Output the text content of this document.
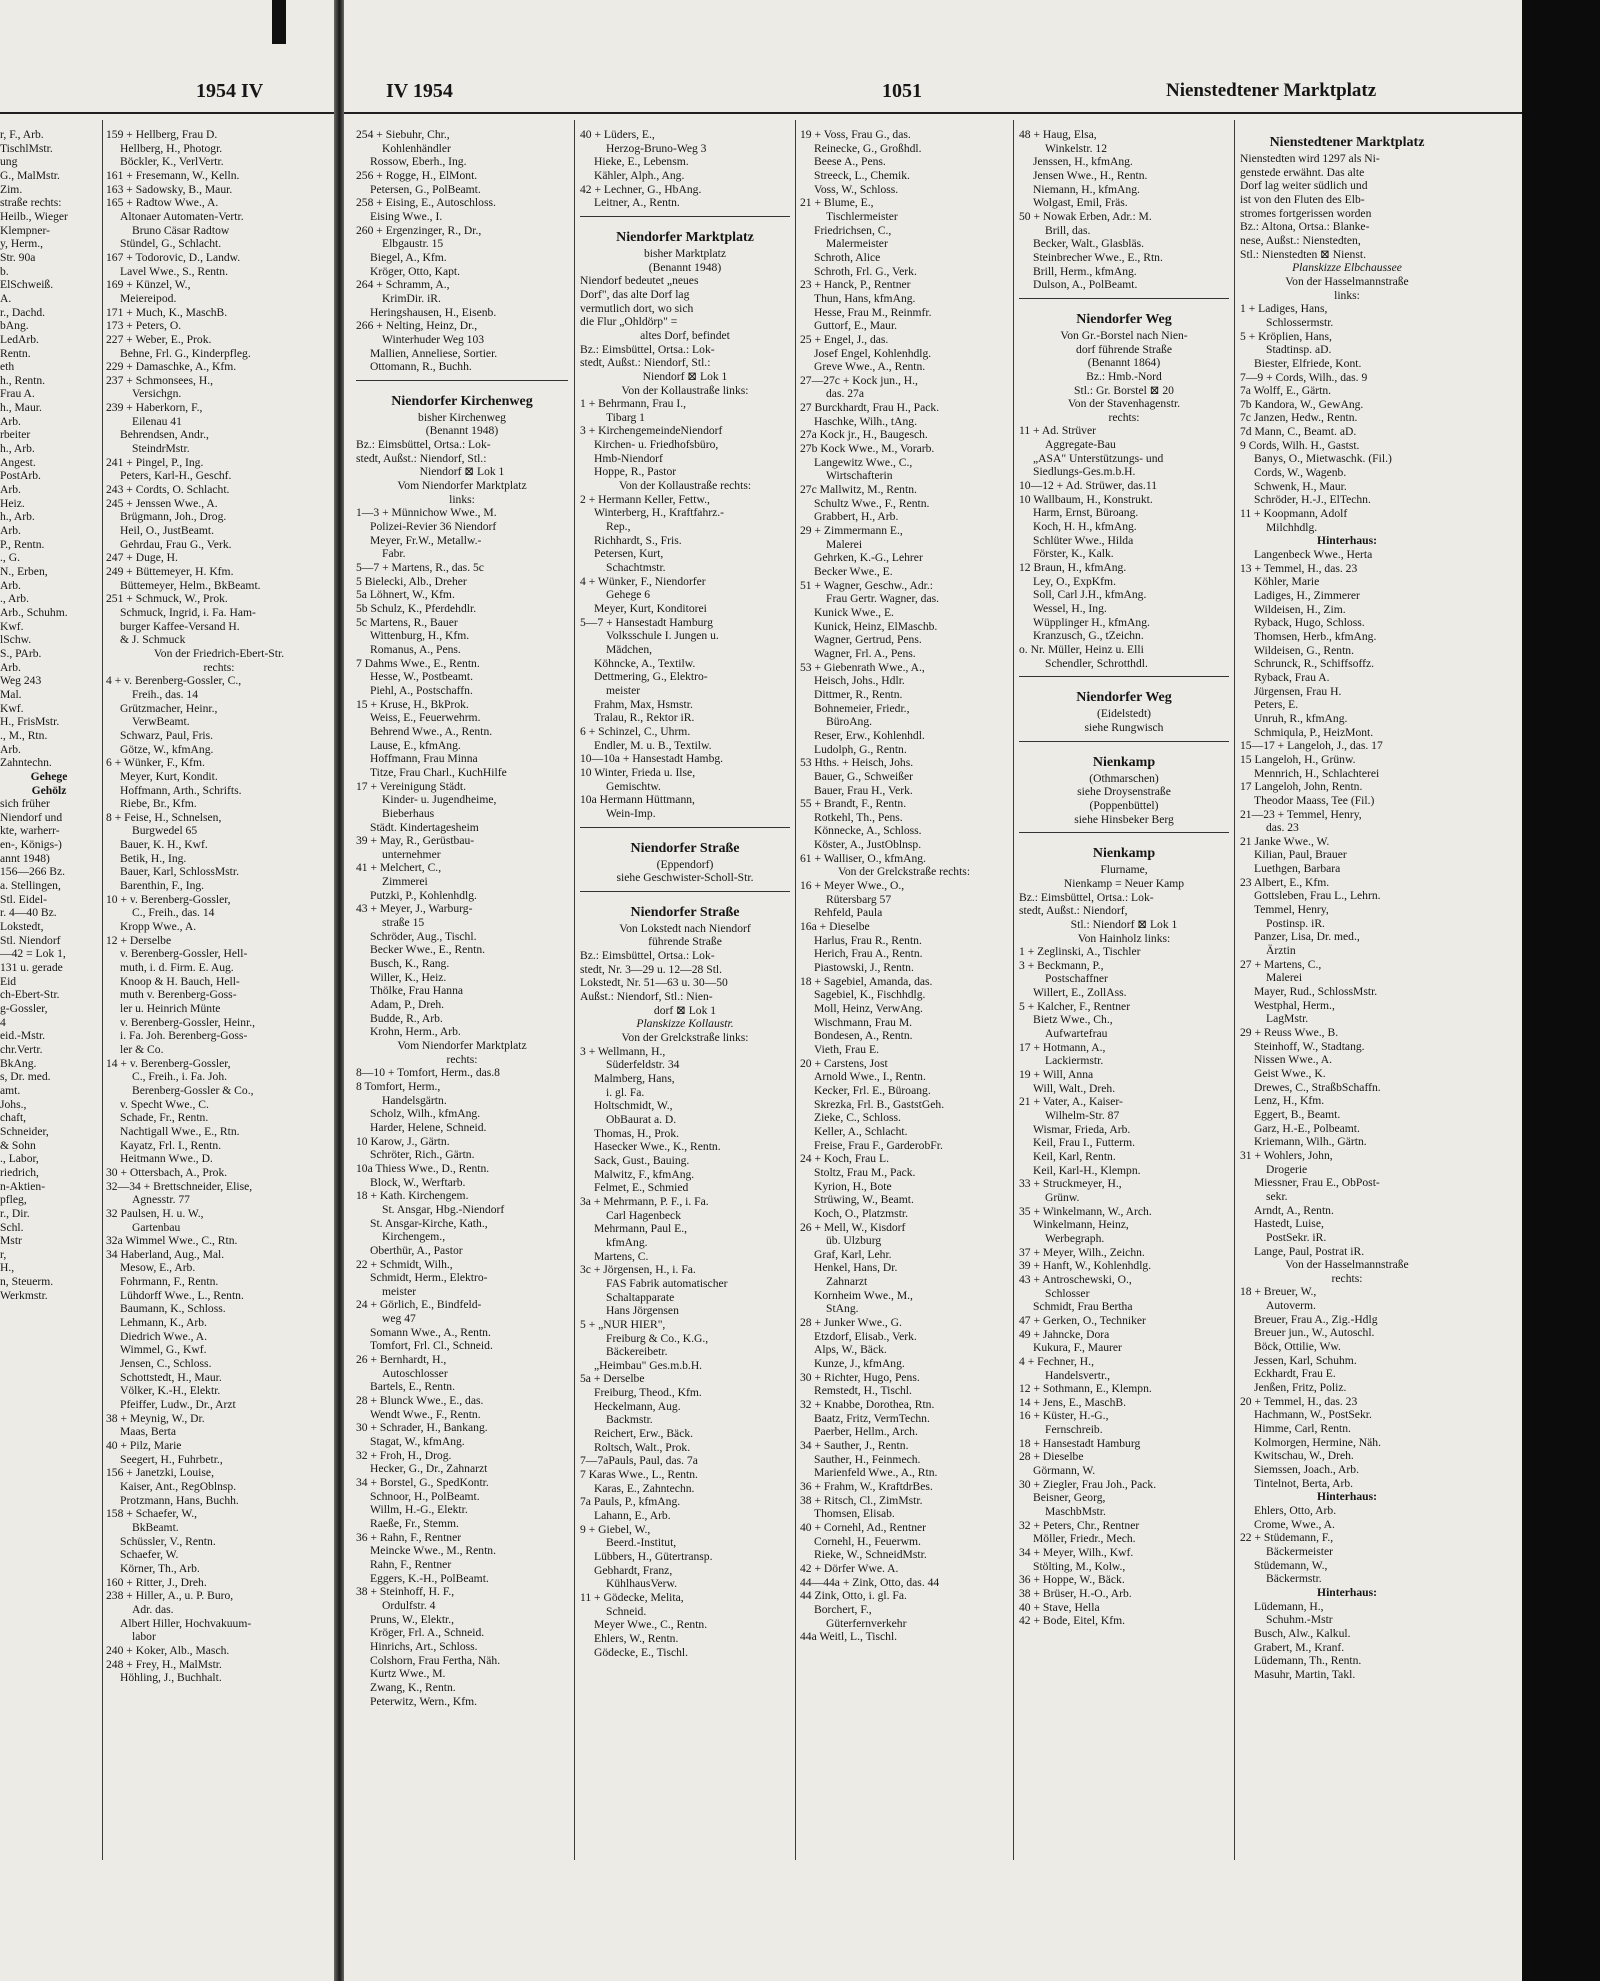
1954 IV
r, F., Arb.
TischlMstr.
ung
G., MalMstr.
Zim.
straße rechts:
Heilb., Wieger
Klempner-
y, Herm.,
Str. 90a
b.
ElSchweiß.
A.
r., Dachd.
bAng.
LedArb.
Rentn.
eth
h., Rentn.
Frau A.
h., Maur.
Arb.
rbeiter
h., Arb.
Angest.
PostArb.
Arb.
Heiz.
h., Arb.
Arb.
P., Rentn.
., G.
N., Erben,
Arb.
., Arb.
Arb., Schuhm.
Kwf.
lSchw.
S., PArb.
Arb.
Weg 243
Mal.
Kwf.
H., FrisMstr.
., M., Rtn.
Arb.
Zahntechn.
Gehege
Gehölz
sich früher
Niendorf und
kte, warherr-
en-, Königs-)
annt 1948)
156—266 Bz.
a. Stellingen,
Stl. Eidel-
r. 4—40 Bz.
Lokstedt,
Stl. Niendorf
—42 = Lok 1,
131 u. gerade
Eid
ch-Ebert-Str.
g-Gossler,
4
eid.-Mstr.
chr.Vertr.
BkAng.
s, Dr. med.
amt.
Johs.,
chaft,
Schneider,
& Sohn
., Labor,
riedrich,
n-Aktien-
pfleg,
r., Dir.
Schl.
Mstr
r,
H.,
n, Steuerm.
Werkmstr.
159 + Hellberg, Frau D.
Hellberg, H., Photogr.
Böckler, K., VerlVertr.
161 + Fresemann, W., Kelln.
163 + Sadowsky, B., Maur.
165 + Radtow Wwe., A.
Altonaer Automaten-Vertr.
Bruno Cäsar Radtow
Stündel, G., Schlacht.
167 + Todorovic, D., Landw.
Lavel Wwe., S., Rentn.
169 + Künzel, W.,
Meiereipod.
171 + Much, K., MaschB.
173 + Peters, O.
227 + Weber, E., Prok.
Behne, Frl. G., Kinderpfleg.
229 + Damaschke, A., Kfm.
237 + Schmonsees, H.,
Versichgn.
239 + Haberkorn, F.,
Eilenau 41
Behrendsen, Andr.,
SteindrMstr.
241 + Pingel, P., Ing.
Peters, Karl-H., Geschf.
243 + Cordts, O. Schlacht.
245 + Jenssen Wwe., A.
Brügmann, Joh., Drog.
Heil, O., JustBeamt.
Gehrdau, Frau G., Verk.
247 + Duge, H.
249 + Büttemeyer, H. Kfm.
Büttemeyer, Helm., BkBeamt.
251 + Schmuck, W., Prok.
Schmuck, Ingrid, i. Fa. Ham-
burger Kaffee-Versand H.
& J. Schmuck
Von der Friedrich-Ebert-Str.
rechts:
4 + v. Berenberg-Gossler, C.,
Freih., das. 14
Grützmacher, Heinr.,
VerwBeamt.
Schwarz, Paul, Fris.
Götze, W., kfmAng.
6 + Wünker, F., Kfm.
Meyer, Kurt, Kondit.
Hoffmann, Arth., Schrifts.
Riebe, Br., Kfm.
8 + Feise, H., Schnelsen,
Burgwedel 65
Bauer, K. H., Kwf.
Betik, H., Ing.
Bauer, Karl, SchlossMstr.
Barenthin, F., Ing.
10 + v. Berenberg-Gossler,
C., Freih., das. 14
Kropp Wwe., A.
12 + Derselbe
v. Berenberg-Gossler, Hell-
muth, i. d. Firm. E. Aug.
Knoop & H. Bauch, Hell-
muth v. Berenberg-Goss-
ler u. Heinrich Münte
v. Berenberg-Gossler, Heinr.,
i. Fa. Joh. Berenberg-Goss-
ler & Co.
14 + v. Berenberg-Gossler,
C., Freih., i. Fa. Joh.
Berenberg-Gossler & Co.,
v. Specht Wwe., C.
Schade, Fr., Rentn.
Nachtigall Wwe., E., Rtn.
Kayatz, Frl. I., Rentn.
Heitmann Wwe., D.
30 + Ottersbach, A., Prok.
32—34 + Brettschneider, Elise,
Agnesstr. 77
32 Paulsen, H. u. W.,
Gartenbau
32a Wimmel Wwe., C., Rtn.
34 Haberland, Aug., Mal.
Mesow, E., Arb.
Fohrmann, F., Rentn.
Lühdorff Wwe., L., Rentn.
Baumann, K., Schloss.
Lehmann, K., Arb.
Diedrich Wwe., A.
Wimmel, G., Kwf.
Jensen, C., Schloss.
Schottstedt, H., Maur.
Völker, K.-H., Elektr.
Pfeiffer, Ludw., Dr., Arzt
38 + Meynig, W., Dr.
Maas, Berta
40 + Pilz, Marie
Seegert, H., Fuhrbetr.,
156 + Janetzki, Louise,
Kaiser, Ant., RegOblnsp.
Protzmann, Hans, Buchh.
158 + Schaefer, W.,
BkBeamt.
Schüssler, V., Rentn.
Schaefer, W.
Körner, Th., Arb.
160 + Ritter, J., Dreh.
238 + Hiller, A., u. P. Buro,
Adr. das.
Albert Hiller, Hochvakuum-
labor
240 + Koker, Alb., Masch.
248 + Frey, H., MalMstr.
Höhling, J., Buchhalt.
IV 1954	1051	Nienstedtener Marktplatz
254 + Siebuhr, Chr.,
Kohlenhändler
Rossow, Eberh., Ing.
256 + Rogge, H., ElMont.
Petersen, G., PolBeamt.
258 + Eising, E., Autoschloss.
Eising Wwe., I.
260 + Ergenzinger, R., Dr.,
Elbgaustr. 15
Biegel, A., Kfm.
Kröger, Otto, Kapt.
264 + Schramm, A.,
KrimDir. iR.
Heringshausen, H., Eisenb.
266 + Nelting, Heinz, Dr.,
Winterhuder Weg 103
Mallien, Anneliese, Sortier.
Ottomann, R., Buchh.
Niendorfer Kirchenweg
bisher Kirchenweg
(Benannt 1948)
Bz.: Eimsbüttel, Ortsa.: Lok-
stedt, Außst.: Niendorf, Stl.:
Niendorf ⊠ Lok 1
Vom Niendorfer Marktplatz
links:
1—3 + Münnichow Wwe., M.
Polizei-Revier 36 Niendorf
Meyer, Fr.W., Metallw.-
Fabr.
5—7 + Martens, R., das. 5c
5 Bielecki, Alb., Dreher
5a Löhnert, W., Kfm.
5b Schulz, K., Pferdehdlr.
5c Martens, R., Bauer
Wittenburg, H., Kfm.
Romanus, A., Pens.
7 Dahms Wwe., E., Rentn.
Hesse, W., Postbeamt.
Piehl, A., Postschaffn.
15 + Kruse, H., BkProk.
Weiss, E., Feuerwehrm.
Behrend Wwe., A., Rentn.
Lause, E., kfmAng.
Hoffmann, Frau Minna
Titze, Frau Charl., KuchHilfe
17 + Vereinigung Städt.
Kinder- u. Jugendheime,
Bieberhaus
Städt. Kindertagesheim
39 + May, R., Gerüstbau-
unternehmer
41 + Melchert, C.,
Zimmerei
Putzki, P., Kohlenhdlg.
43 + Meyer, J., Warburg-
straße 15
Schröder, Aug., Tischl.
Becker Wwe., E., Rentn.
Busch, K., Rang.
Willer, K., Heiz.
Thölke, Frau Hanna
Adam, P., Dreh.
Budde, R., Arb.
Krohn, Herm., Arb.
Vom Niendorfer Marktplatz
rechts:
8—10 + Tomfort, Herm., das.8
8 Tomfort, Herm.,
Handelsgärtn.
Scholz, Wilh., kfmAng.
Harder, Helene, Schneid.
10 Karow, J., Gärtn.
Schröter, Rich., Gärtn.
10a Thiess Wwe., D., Rentn.
Block, W., Werftarb.
18 + Kath. Kirchengem.
St. Ansgar, Hbg.-Niendorf
St. Ansgar-Kirche, Kath.,
Kirchengem.,
Oberthür, A., Pastor
22 + Schmidt, Wilh.,
Schmidt, Herm., Elektro-
meister
24 + Görlich, E., Bindfeld-
weg 47
Somann Wwe., A., Rentn.
Tomfort, Frl. Cl., Schneid.
26 + Bernhardt, H.,
Autoschlosser
Bartels, E., Rentn.
28 + Blunck Wwe., E., das.
Wendt Wwe., F., Rentn.
30 + Schrader, H., Bankang.
Stagat, W., kfmAng.
32 + Froh, H., Drog.
Hecker, G., Dr., Zahnarzt
34 + Borstel, G., SpedKontr.
Schnoor, H., PolBeamt.
Willm, H.-G., Elektr.
Raeße, Fr., Stemm.
36 + Rahn, F., Rentner
Meincke Wwe., M., Rentn.
Rahn, F., Rentner
Eggers, K.-H., PolBeamt.
38 + Steinhoff, H. F.,
Ordulfstr. 4
Pruns, W., Elektr.,
Kröger, Frl. A., Schneid.
Hinrichs, Art., Schloss.
Colshorn, Frau Fertha, Näh.
Kurtz Wwe., M.
Zwang, K., Rentn.
Peterwitz, Wern., Kfm.
40 + Lüders, E.,
Herzog-Bruno-Weg 3
Hieke, E., Lebensm.
Kähler, Alph., Ang.
42 + Lechner, G., HbAng.
Leitner, A., Rentn.
Niendorfer Marktplatz
bisher Marktplatz
(Benannt 1948)
Niendorf bedeutet „neues
Dorf", das alte Dorf lag
vermutlich dort, wo sich
die Flur „Ohldörp" =
altes Dorf, befindet
Bz.: Eimsbüttel, Ortsa.: Lok-
stedt, Außst.: Niendorf, Stl.:
Niendorf ⊠ Lok 1
Von der Kollaustraße links:
1 + Behrmann, Frau I.,
Tibarg 1
3 + KirchengemeindeNiendorf
Kirchen- u. Friedhofsbüro,
Hmb-Niendorf
Hoppe, R., Pastor
Von der Kollaustraße rechts:
2 + Hermann Keller, Fettw.,
Winterberg, H., Kraftfahrz.-
Rep.,
Richhardt, S., Fris.
Petersen, Kurt,
Schachtmstr.
4 + Wünker, F., Niendorfer
Gehege 6
Meyer, Kurt, Konditorei
5—7 + Hansestadt Hamburg
Volksschule I. Jungen u.
Mädchen,
Köhncke, A., Textilw.
Dettmering, G., Elektro-
meister
Frahm, Max, Hsmstr.
Tralau, R., Rektor iR.
6 + Schinzel, C., Uhrm.
Endler, M. u. B., Textilw.
10—10a + Hansestadt Hambg.
10 Winter, Frieda u. Ilse,
Gemischtw.
10a Hermann Hüttmann,
Wein-Imp.
Niendorfer Straße
(Eppendorf)
siehe Geschwister-Scholl-Str.
Niendorfer Straße
Von Lokstedt nach Niendorf
führende Straße
Bz.: Eimsbüttel, Ortsa.: Lok-
stedt, Nr. 3—29 u. 12—28 Stl.
Lokstedt, Nr. 51—63 u. 30—50
Außst.: Niendorf, Stl.: Nien-
dorf ⊠ Lok 1
Planskizze Kollaustr.
Von der Grelckstraße links:
3 + Wellmann, H.,
Süderfeldstr. 34
Malmberg, Hans,
i. gl. Fa.
Holtschmidt, W.,
ObBaurat a. D.
Thomas, H., Prok.
Hasecker Wwe., K., Rentn.
Sack, Gust., Bauing.
Malwitz, F., kfmAng.
Felmet, E., Schmied
3a + Mehrmann, P. F., i. Fa.
Carl Hagenbeck
Mehrmann, Paul E.,
kfmAng.
Martens, C.
3c + Jörgensen, H., i. Fa.
FAS Fabrik automatischer
Schaltapparate
Hans Jörgensen
5 + „NUR HIER",
Freiburg & Co., K.G.,
Bäckereibetr.
„Heimbau" Ges.m.b.H.
5a + Derselbe
Freiburg, Theod., Kfm.
Heckelmann, Aug.
Backmstr.
Reichert, Erw., Bäck.
Roltsch, Walt., Prok.
7—7aPauls, Paul, das. 7a
7 Karas Wwe., L., Rentn.
Karas, E., Zahntechn.
7a Pauls, P., kfmAng.
Lahann, E., Arb.
9 + Giebel, W.,
Beerd.-Institut,
Lübbers, H., Gütertransp.
Gebhardt, Franz,
KühlhausVerw.
11 + Gödecke, Melita,
Schneid.
Meyer Wwe., C., Rentn.
Ehlers, W., Rentn.
Gödecke, E., Tischl.
19 + Voss, Frau G., das.
Reinecke, G., Großhdl.
Beese A., Pens.
Streeck, L., Chemik.
Voss, W., Schloss.
21 + Blume, E.,
Tischlermeister
Friedrichsen, C.,
Malermeister
Schroth, Alice
Schroth, Frl. G., Verk.
23 + Hanck, P., Rentner
Thun, Hans, kfmAng.
Hesse, Frau M., Reinmfr.
Guttorf, E., Maur.
25 + Engel, J., das.
Josef Engel, Kohlenhdlg.
Greve Wwe., A., Rentn.
27—27c + Kock jun., H.,
das. 27a
27 Burckhardt, Frau H., Pack.
Haschke, Wilh., tAng.
27a Kock jr., H., Baugesch.
27b Kock Wwe., M., Vorarb.
Langewitz Wwe., C.,
Wirtschafterin
27c Mallwitz, M., Rentn.
Schultz Wwe., F., Rentn.
Grabbert, H., Arb.
29 + Zimmermann E.,
Malerei
Gehrken, K.-G., Lehrer
Becker Wwe., E.
51 + Wagner, Geschw., Adr.:
Frau Gertr. Wagner, das.
Kunick Wwe., E.
Kunick, Heinz, ElMaschb.
Wagner, Gertrud, Pens.
Wagner, Frl. A., Pens.
53 + Giebenrath Wwe., A.,
Heisch, Johs., Hdlr.
Dittmer, R., Rentn.
Bohnemeier, Friedr.,
BüroAng.
Reser, Erw., Kohlenhdl.
Ludolph, G., Rentn.
53 Hths. + Heisch, Johs.
Bauer, G., Schweißer
Bauer, Frau H., Verk.
55 + Brandt, F., Rentn.
Rotkehl, Th., Pens.
Könnecke, A., Schloss.
Köster, A., JustOblnsp.
61 + Walliser, O., kfmAng.
Von der Grelckstraße rechts:
16 + Meyer Wwe., O.,
Rütersbarg 57
Rehfeld, Paula
16a + Dieselbe
Harlus, Frau R., Rentn.
Herich, Frau A., Rentn.
Piastowski, J., Rentn.
18 + Sagebiel, Amanda, das.
Sagebiel, K., Fischhdlg.
Moll, Heinz, VerwAng.
Wischmann, Frau M.
Bondesen, A., Rentn.
Vieth, Frau E.
20 + Carstens, Jost
Arnold Wwe., I., Rentn.
Kecker, Frl. E., Büroang.
Skrezka, Frl. B., GaststGeh.
Zieke, C., Schloss.
Keller, A., Schlacht.
Freise, Frau F., GarderobFr.
24 + Koch, Frau L.
Stoltz, Frau M., Pack.
Kyrion, H., Bote
Strüwing, W., Beamt.
Koch, O., Platzmstr.
26 + Mell, W., Kisdorf
üb. Ulzburg
Graf, Karl, Lehr.
Henkel, Hans, Dr.
Zahnarzt
Kornheim Wwe., M.,
StAng.
28 + Junker Wwe., G.
Etzdorf, Elisab., Verk.
Alps, W., Bäck.
Kunze, J., kfmAng.
30 + Richter, Hugo, Pens.
Remstedt, H., Tischl.
32 + Knabbe, Dorothea, Rtn.
Baatz, Fritz, VermTechn.
Paerber, Hellm., Arch.
34 + Sauther, J., Rentn.
Sauther, H., Feinmech.
Marienfeld Wwe., A., Rtn.
36 + Frahm, W., KraftdrBes.
38 + Ritsch, Cl., ZimMstr.
Thomsen, Elisab.
40 + Cornehl, Ad., Rentner
Cornehl, H., Feuerwm.
Rieke, W., SchneidMstr.
42 + Dörfer Wwe. A.
44—44a + Zink, Otto, das. 44
44 Zink, Otto, i. gl. Fa.
Borchert, F.,
Güterfernverkehr
44a Weitl, L., Tischl.
48 + Haug, Elsa,
Winkelstr. 12
Jenssen, H., kfmAng.
Jensen Wwe., H., Rentn.
Niemann, H., kfmAng.
Wolgast, Emil, Fräs.
50 + Nowak Erben, Adr.: M.
Brill, das.
Becker, Walt., Glasbläs.
Steinbrecher Wwe., E., Rtn.
Brill, Herm., kfmAng.
Dulson, A., PolBeamt.
Niendorfer Weg
Von Gr.-Borstel nach Nien-
dorf führende Straße
(Benannt 1864)
Bz.: Hmb.-Nord
Stl.: Gr. Borstel ⊠ 20
Von der Stavenhagenstr.
rechts:
11 + Ad. Strüver
Aggregate-Bau
„ASA" Unterstützungs- und
Siedlungs-Ges.m.b.H.
10—12 + Ad. Strüwer, das.11
10 Wallbaum, H., Konstrukt.
Harm, Ernst, Büroang.
Koch, H. H., kfmAng.
Schlüter Wwe., Hilda
Förster, K., Kalk.
12 Braun, H., kfmAng.
Ley, O., ExpKfm.
Soll, Carl J.H., kfmAng.
Wessel, H., Ing.
Wüpplinger H., kfmAng.
Kranzusch, G., tZeichn.
o. Nr. Müller, Heinz u. Elli
Schendler, Schrotthdl.
Niendorfer Weg
(Eidelstedt)
siehe Rungwisch
Nienkamp
(Othmarschen)
siehe Droysenstraße
(Poppenbüttel)
siehe Hinsbeker Berg
Nienkamp
Flurname,
Nienkamp = Neuer Kamp
Bz.: Eimsbüttel, Ortsa.: Lok-
stedt, Außst.: Niendorf,
Stl.: Niendorf ⊠ Lok 1
Von Hainholz links:
1 + Zeglinski, A., Tischler
3 + Beckmann, P.,
Postschaffner
Willert, E., ZollAss.
5 + Kalcher, F., Rentner
Bietz Wwe., Ch.,
Aufwartefrau
17 + Hotmann, A.,
Lackiermstr.
19 + Will, Anna
Will, Walt., Dreh.
21 + Vater, A., Kaiser-
Wilhelm-Str. 87
Wismar, Frieda, Arb.
Keil, Frau I., Futterm.
Keil, Karl, Rentn.
Keil, Karl-H., Klempn.
33 + Struckmeyer, H.,
Grünw.
35 + Winkelmann, W., Arch.
Winkelmann, Heinz,
Werbegraph.
37 + Meyer, Wilh., Zeichn.
39 + Hanft, W., Kohlenhdlg.
43 + Antroschewski, O.,
Schlosser
Schmidt, Frau Bertha
47 + Gerken, O., Techniker
49 + Jahncke, Dora
Kukura, F., Maurer
4 + Fechner, H.,
Handelsvertr.,
12 + Sothmann, E., Klempn.
14 + Jens, E., MaschB.
16 + Küster, H.-G.,
Fernschreib.
18 + Hansestadt Hamburg
28 + Dieselbe
Görmann, W.
30 + Ziegler, Frau Joh., Pack.
Beisner, Georg,
MaschbMstr.
32 + Peters, Chr., Rentner
Möller, Friedr., Mech.
34 + Meyer, Wilh., Kwf.
Stölting, M., Kolw.,
36 + Hoppe, W., Bäck.
38 + Brüser, H.-O., Arb.
40 + Stave, Hella
42 + Bode, Eitel, Kfm.
Nienstedtener Marktplatz
Nienstedten wird 1297 als Ni-
genstede erwähnt. Das alte
Dorf lag weiter südlich und
ist von den Fluten des Elb-
stromes fortgerissen worden
Bz.: Altona, Ortsa.: Blanke-
nese, Außst.: Nienstedten,
Stl.: Nienstedten ⊠ Nienst.
Planskizze Elbchaussee
Von der Hasselmannstraße
links:
1 + Ladiges, Hans,
Schlossermstr.
5 + Kröplien, Hans,
Stadtinsp. aD.
Biester, Elfriede, Kont.
7—9 + Cords, Wilh., das. 9
7a Wolff, E., Gärtn.
7b Kandora, W., GewAng.
7c Janzen, Hedw., Rentn.
7d Mann, C., Beamt. aD.
9 Cords, Wilh. H., Gastst.
Banys, O., Mietwaschk. (Fil.)
Cords, W., Wagenb.
Schwenk, H., Maur.
Schröder, H.-J., ElTechn.
11 + Koopmann, Adolf
Milchhdlg.
Hinterhaus:
Langenbeck Wwe., Herta
13 + Temmel, H., das. 23
Köhler, Marie
Ladiges, H., Zimmerer
Wildeisen, H., Zim.
Ryback, Hugo, Schloss.
Thomsen, Herb., kfmAng.
Wildeisen, G., Rentn.
Schrunck, R., Schiffsoffz.
Ryback, Frau A.
Jürgensen, Frau H.
Peters, E.
Unruh, R., kfmAng.
Schmiqula, P., HeizMont.
15—17 + Langeloh, J., das. 17
15 Langeloh, H., Grünw.
Mennrich, H., Schlachterei
17 Langeloh, John, Rentn.
Theodor Maass, Tee (Fil.)
21—23 + Temmel, Henry,
das. 23
21 Janke Wwe., W.
Kilian, Paul, Brauer
Luethgen, Barbara
23 Albert, E., Kfm.
Gottsleben, Frau L., Lehrn.
Temmel, Henry,
Postinsp. iR.
Panzer, Lisa, Dr. med.,
Ärztin
27 + Martens, C.,
Malerei
Mayer, Rud., SchlossMstr.
Westphal, Herm.,
LagMstr.
29 + Reuss Wwe., B.
Steinhoff, W., Stadtang.
Nissen Wwe., A.
Geist Wwe., K.
Drewes, C., StraßbSchaffn.
Lenz, H., Kfm.
Eggert, B., Beamt.
Garz, H.-E., Polbeamt.
Kriemann, Wilh., Gärtn.
31 + Wohlers, John,
Drogerie
Miessner, Frau E., ObPost-
sekr.
Arndt, A., Rentn.
Hastedt, Luise,
PostSekr. iR.
Lange, Paul, Postrat iR.
Von der Hasselmannstraße
rechts:
18 + Breuer, W.,
Autoverm.
Breuer, Frau A., Zig.-Hdlg
Breuer jun., W., Autoschl.
Böck, Ottilie, Ww.
Jessen, Karl, Schuhm.
Eckhardt, Frau E.
Jenßen, Fritz, Poliz.
20 + Temmel, H., das. 23
Hachmann, W., PostSekr.
Himme, Carl, Rentn.
Kolmorgen, Hermine, Näh.
Kwitschau, W., Dreh.
Siemssen, Joach., Arb.
Tintelnot, Berta, Arb.
Hinterhaus:
Ehlers, Otto, Arb.
Crome, Wwe., A.
22 + Stüdemann, F.,
Bäckermeister
Stüdemann, W.,
Bäckermstr.
Hinterhaus:
Lüdemann, H.,
Schuhm.-Mstr
Busch, Alw., Kalkul.
Grabert, M., Kranf.
Lüdemann, Th., Rentn.
Masuhr, Martin, Takl.
